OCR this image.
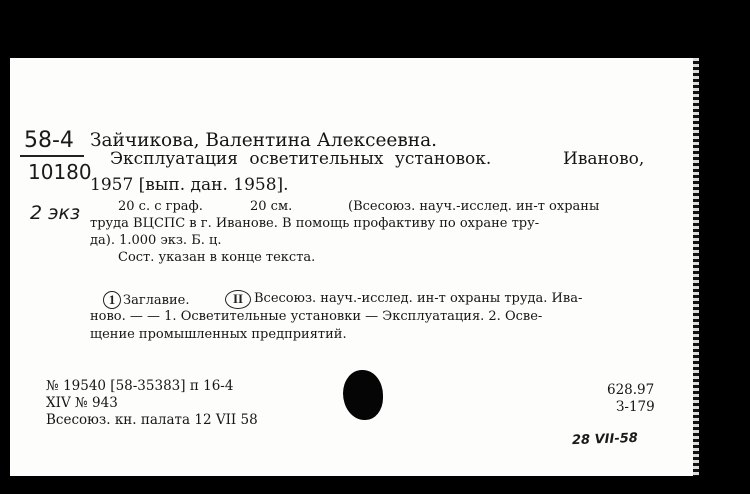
58-4
10180
2 экз
Зайчикова, Валентина Алексеевна.
Эксплуатация осветительных установок.	Иваново,
1957 [вып. дан. 1958].
20 с. с граф.	20 см.	(Всесоюз. науч.-исслед. ин-т охраны
труда ВЦСПС в г. Иванове. В помощь профактиву по охране тру-
да). 1.000 экз. Б. ц.
Сост. указан в конце текста.
1 Заглавие.	II Всесоюз. науч.-исслед. ин-т охраны труда. Ива-
ново. — — 1. Осветительные установки — Эксплуатация. 2. Осве-
щение промышленных предприятий.
№ 19540 [58-35383] п 16-4
XIV № 943
Всесоюз. кн. палата 12 VII 58
628.97
З-179
28 VII-58
